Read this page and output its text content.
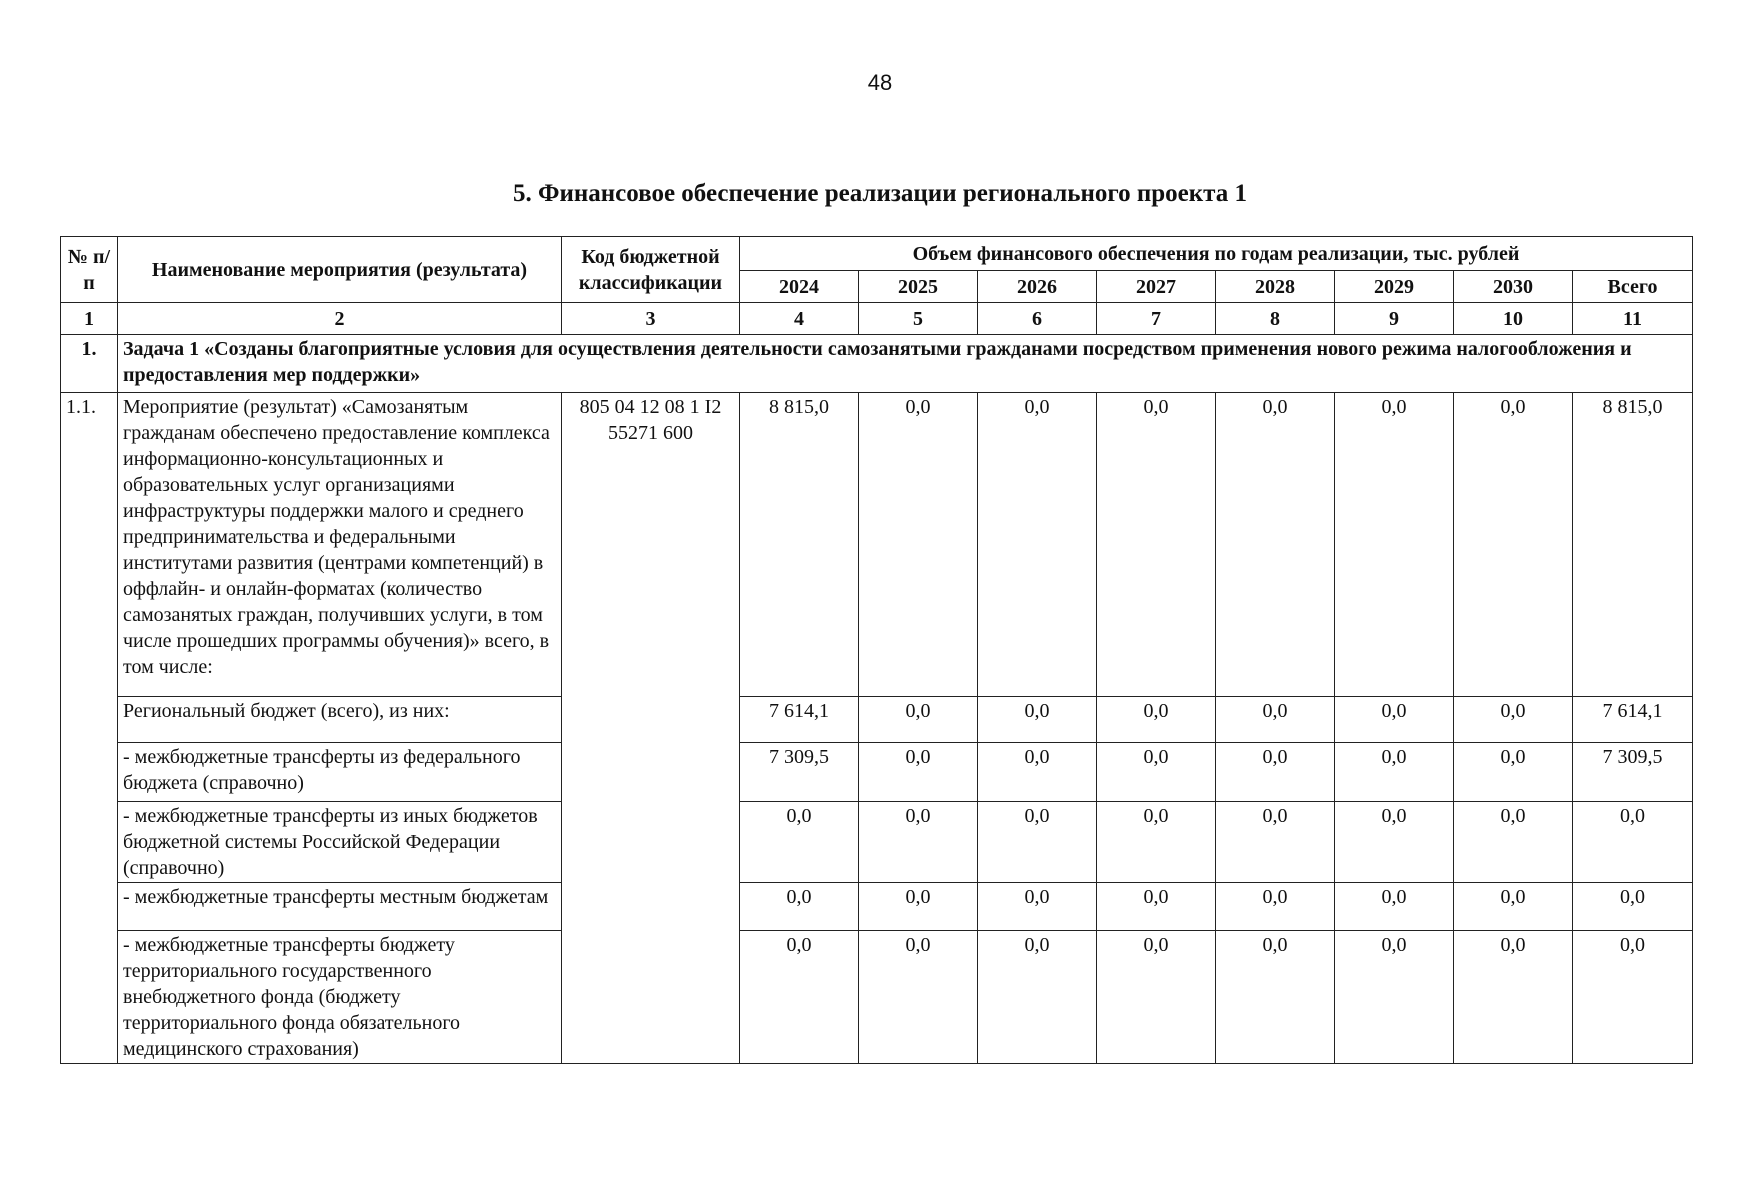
48
5. Финансовое обеспечение реализации регионального проекта 1
№ п/п	Наименование мероприятия (результата)	Код бюджетной классификации	Объем финансового обеспечения по годам реализации, тыс. рублей							
			2024	2025	2026	2027	2028	2029	2030	Всего
1	2	3	4	5	6	7	8	9	10	11
1.	Задача 1 «Созданы благоприятные условия для осуществления деятельности самозанятыми гражданами посредством применения нового режима налогообложения и предоставления мер поддержки»									
1.1.	Мероприятие (результат) «Самозанятым гражданам обеспечено предоставление комплекса информационно-консультационных и образовательных услуг организациями инфраструктуры поддержки малого и среднего предпринимательства и федеральными институтами развития (центрами компетенций) в оффлайн- и онлайн-форматах (количество самозанятых граждан, получивших услуги, в том числе прошедших программы обучения)» всего, в том числе:	805 04 12 08 1 I2 55271 600	8 815,0	0,0	0,0	0,0	0,0	0,0	0,0	8 815,0
	Региональный бюджет (всего), из них:		7 614,1	0,0	0,0	0,0	0,0	0,0	0,0	7 614,1
	- межбюджетные трансферты из федерального бюджета (справочно)		7 309,5	0,0	0,0	0,0	0,0	0,0	0,0	7 309,5
	- межбюджетные трансферты из иных бюджетов бюджетной системы Российской Федерации (справочно)		0,0	0,0	0,0	0,0	0,0	0,0	0,0	0,0
	- межбюджетные трансферты местным бюджетам		0,0	0,0	0,0	0,0	0,0	0,0	0,0	0,0
	- межбюджетные трансферты бюджету территориального государственного внебюджетного фонда (бюджету территориального фонда обязательного медицинского страхования)		0,0	0,0	0,0	0,0	0,0	0,0	0,0	0,0
